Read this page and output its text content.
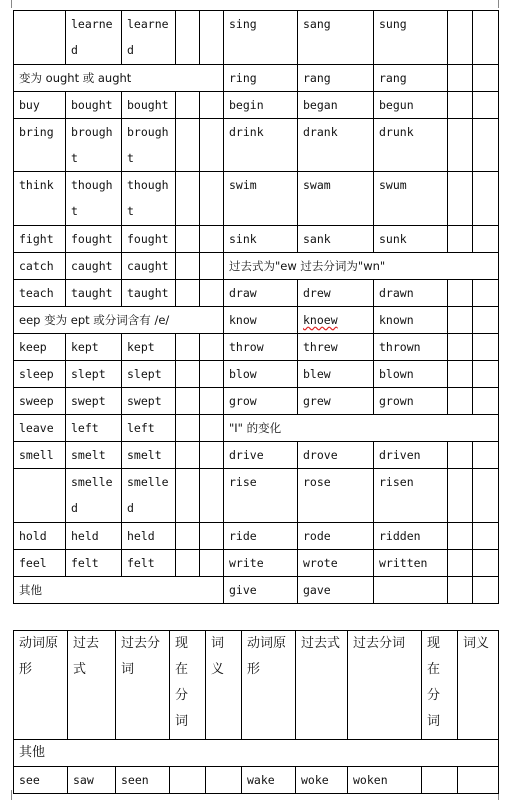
	learned	learned			sing	sang	sung		
变为 ought 或 aught					ring	rang	rang		
buy	bought	bought			begin	began	begun		
bring	brought	brought			drink	drank	drunk		
think	thought	thought			swim	swam	swum		
fight	fought	fought			sink	sank	sunk		
catch	caught	caught			过去式为"ew 过去分词为"wn"				
teach	taught	taught			draw	drew	drawn		
eep 变为 ept 或分词含有 /e/					know	knoew	known		
keep	kept	kept			throw	threw	thrown		
sleep	slept	slept			blow	blew	blown		
sweep	swept	swept			grow	grew	grown		
leave	left	left			"I" 的变化				
smell	smelt	smelt			drive	drove	driven		
	smelled	smelled			rise	rose	risen		
hold	held	held			ride	rode	ridden		
feel	felt	felt			write	wrote	written		
其他					give	gave			
动词原形	过去式	过去分词	现在分词	词义	动词原形	过去式	过去分词	现在分词	词义
其他									
see	saw	seen			wake	woke	woken		
